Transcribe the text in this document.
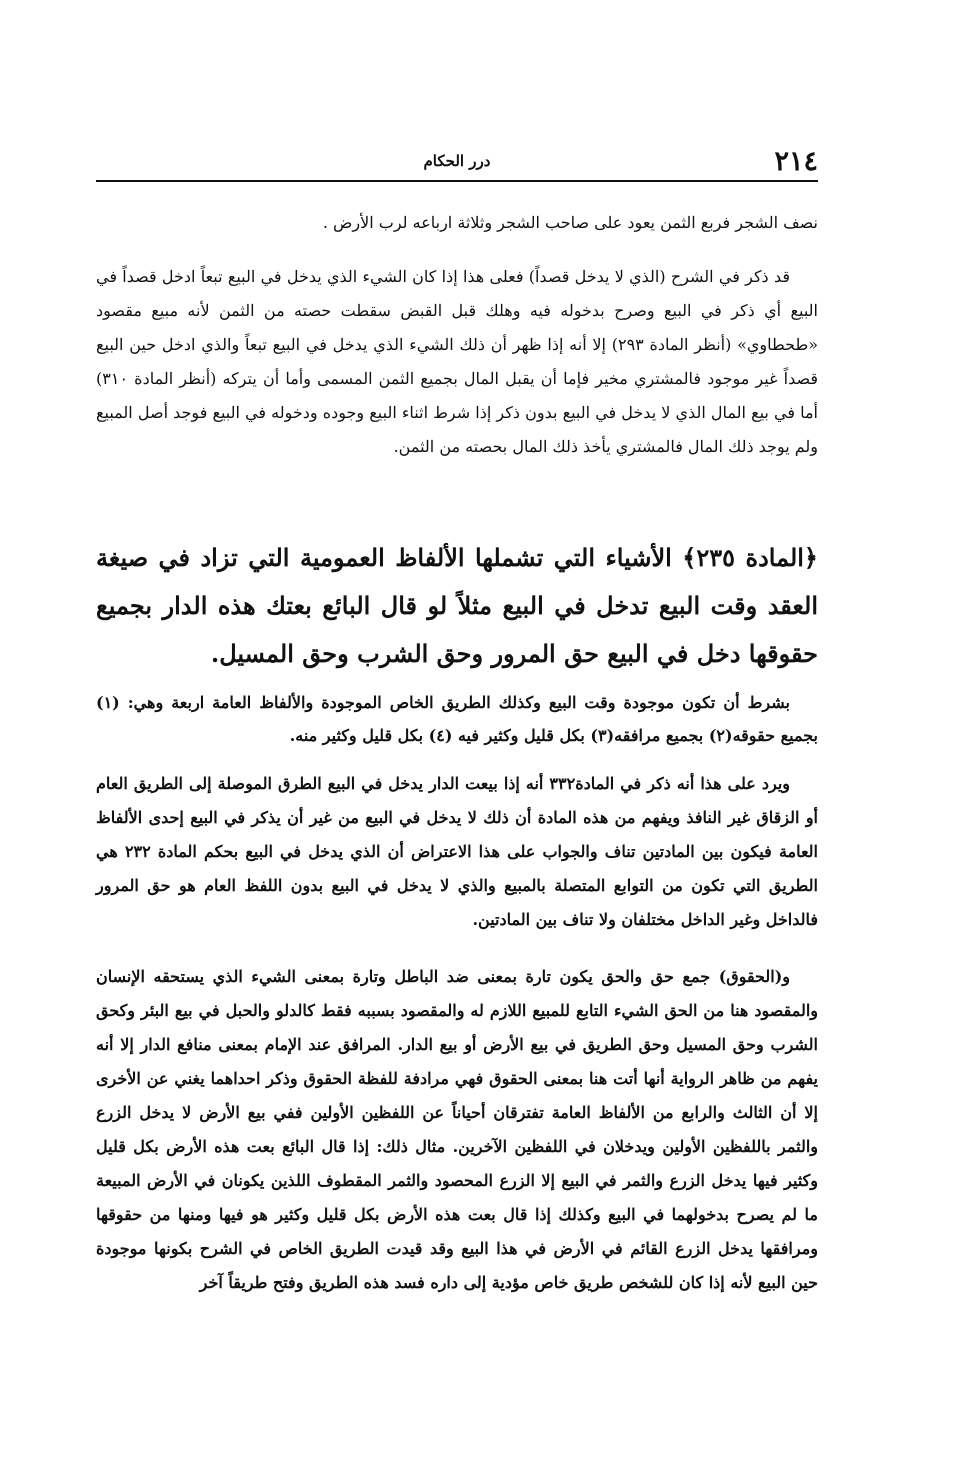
٢١٤
درر الحكام

نصف الشجر فربع الثمن يعود على صاحب الشجر وثلاثة ارباعه لرب الأرض .

قد ذكر في الشرح (الذي لا يدخل قصداً) فعلى هذا إذا كان الشيء الذي يدخل في البيع تبعاً ادخل قصداً في البيع أي ذكر في البيع وصرح بدخوله فيه وهلك قبل القبض سقطت حصته من الثمن لأنه مبيع مقصود «طحطاوي» (أنظر المادة ٢٩٣) إلا أنه إذا ظهر أن ذلك الشيء الذي يدخل في البيع تبعاً والذي ادخل حين البيع قصداً غير موجود فالمشتري مخير فإما أن يقبل المال بجميع الثمن المسمى وأما أن يتركه (أنظر المادة ٣١٠) أما في بيع المال الذي لا يدخل في البيع بدون ذكر إذا شرط اثناء البيع وجوده ودخوله في البيع فوجد أصل المبيع ولم يوجد ذلك المال فالمشتري يأخذ ذلك المال بحصته من الثمن.

﴿المادة ٢٣٥﴾ الأشياء التي تشملها الألفاظ العمومية التي تزاد في صيغة العقد وقت البيع تدخل في البيع مثلاً لو قال البائع بعتك هذه الدار بجميع حقوقها دخل في البيع حق المرور وحق الشرب وحق المسيل.

بشرط أن تكون موجودة وقت البيع وكذلك الطريق الخاص الموجودة والألفاظ العامة اربعة وهي: (١) بجميع حقوقه(٢) بجميع مرافقه(٣) بكل قليل وكثير فيه (٤) بكل قليل وكثير منه.

ويرد على هذا أنه ذكر في المادة٣٣٢ أنه إذا بيعت الدار يدخل في البيع الطرق الموصلة إلى الطريق العام أو الزقاق غير النافذ ويفهم من هذه المادة أن ذلك لا يدخل في البيع من غير أن يذكر في البيع إحدى الألفاظ العامة فيكون بين المادتين تناف والجواب على هذا الاعتراض أن الذي يدخل في البيع بحكم المادة ٢٣٢ هي الطريق التي تكون من التوابع المتصلة بالمبيع والذي لا يدخل في البيع بدون اللفظ العام هو حق المرور فالداخل وغير الداخل مختلفان ولا تناف بين المادتين.

و(الحقوق) جمع حق والحق يكون تارة بمعنى ضد الباطل وتارة بمعنى الشيء الذي يستحقه الإنسان والمقصود هنا من الحق الشيء التابع للمبيع اللازم له والمقصود بسببه فقط كالدلو والحبل في بيع البئر وكحق الشرب وحق المسيل وحق الطريق في بيع الأرض أو بيع الدار. المرافق عند الإمام بمعنى منافع الدار إلا أنه يفهم من ظاهر الرواية أنها أتت هنا بمعنى الحقوق فهي مرادفة للفظة الحقوق وذكر احداهما يغني عن الأخرى إلا أن الثالث والرابع من الألفاظ العامة تفترقان أحياناً عن اللفظين الأولين ففي بيع الأرض لا يدخل الزرع والثمر باللفظين الأولين ويدخلان في اللفظين الآخرين. مثال ذلك: إذا قال البائع بعت هذه الأرض بكل قليل وكثير فيها يدخل الزرع والثمر في البيع إلا الزرع المحصود والثمر المقطوف اللذين يكونان في الأرض المبيعة ما لم يصرح بدخولهما في البيع وكذلك إذا قال بعت هذه الأرض بكل قليل وكثير هو فيها ومنها من حقوقها ومرافقها يدخل الزرع القائم في الأرض في هذا البيع وقد قيدت الطريق الخاص في الشرح بكونها موجودة حين البيع لأنه إذا كان للشخص طريق خاص مؤدية إلى داره فسد هذه الطريق وفتح طريقاً آخر
